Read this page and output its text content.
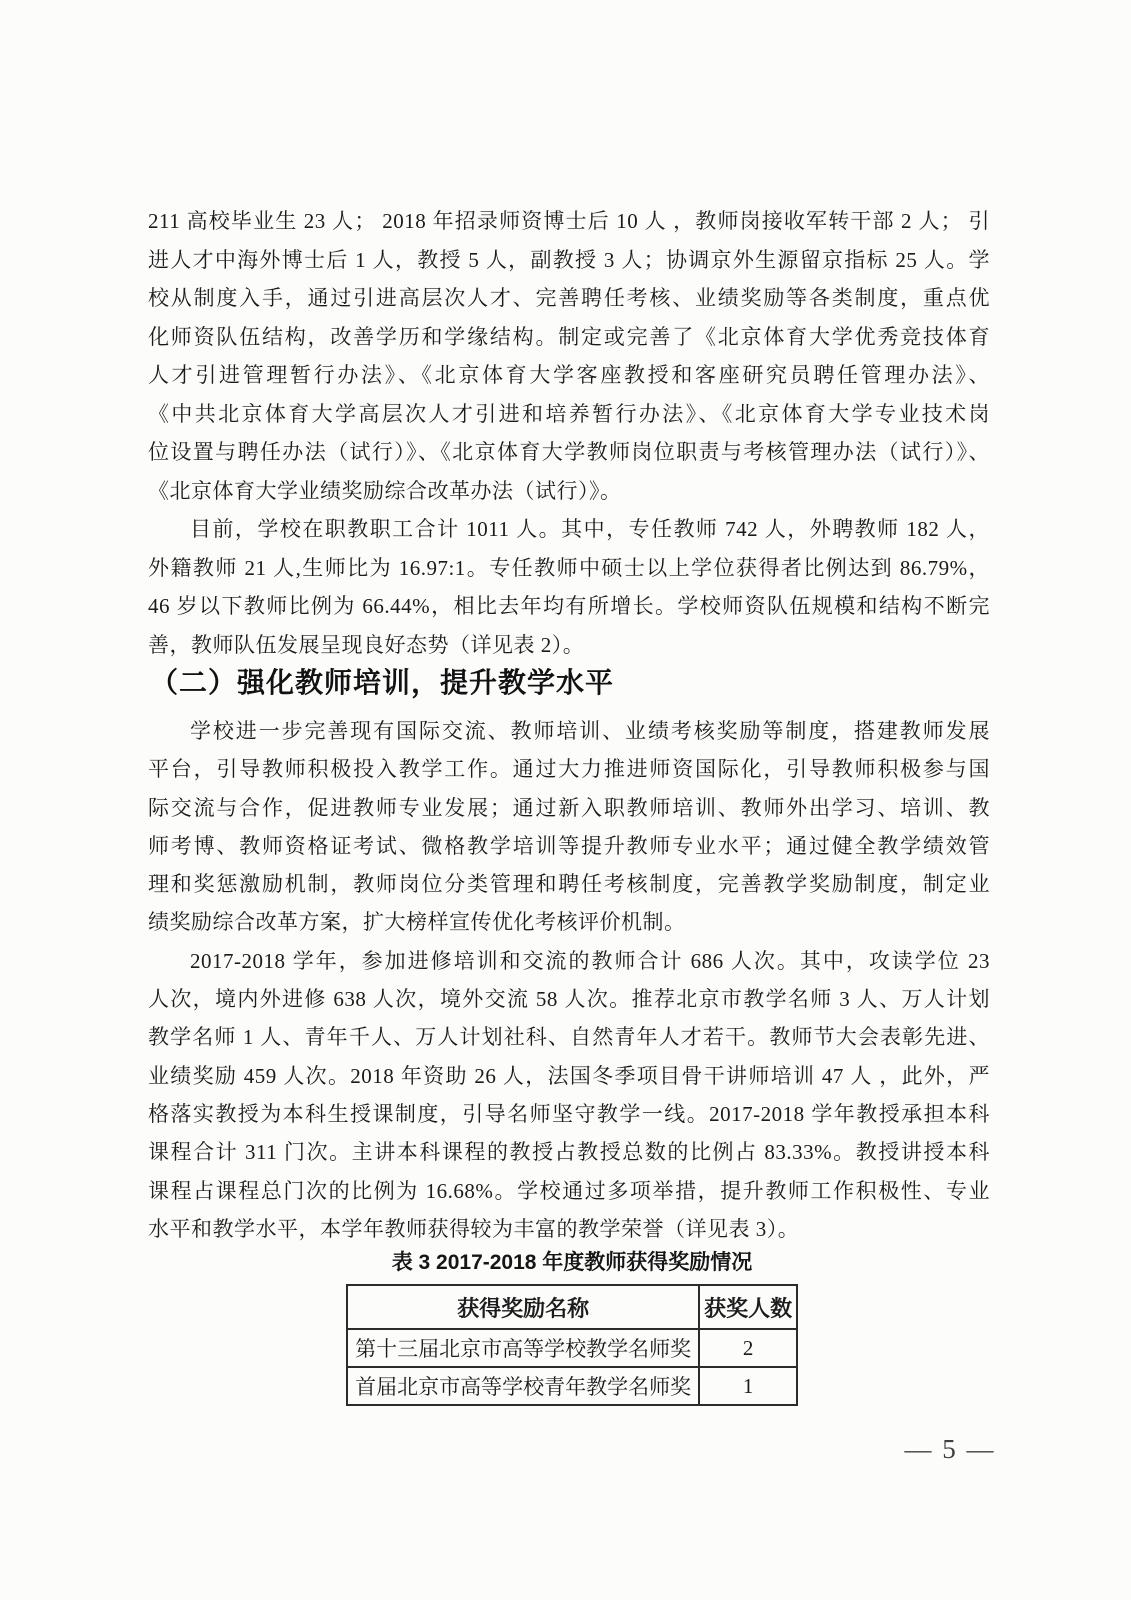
211 高校毕业生 23 人； 2018 年招录师资博士后 10 人 ，教师岗接收军转干部 2 人； 引
进人才中海外博士后 1 人，教授 5 人，副教授 3 人；协调京外生源留京指标 25 人。学
校从制度入手，通过引进高层次人才、完善聘任考核、业绩奖励等各类制度，重点优
化师资队伍结构，改善学历和学缘结构。制定或完善了《北京体育大学优秀竞技体育
人才引进管理暂行办法》、《北京体育大学客座教授和客座研究员聘任管理办法》、
《中共北京体育大学高层次人才引进和培养暂行办法》、《北京体育大学专业技术岗
位设置与聘任办法（试行）》、《北京体育大学教师岗位职责与考核管理办法（试行）》、
《北京体育大学业绩奖励综合改革办法（试行）》。
目前，学校在职教职工合计 1011 人。其中，专任教师 742 人，外聘教师 182 人，
外籍教师 21 人,生师比为 16.97:1。专任教师中硕士以上学位获得者比例达到 86.79%，
46 岁以下教师比例为 66.44%，相比去年均有所增长。学校师资队伍规模和结构不断完
善，教师队伍发展呈现良好态势（详见表 2）。
（二）强化教师培训，提升教学水平
学校进一步完善现有国际交流、教师培训、业绩考核奖励等制度，搭建教师发展
平台，引导教师积极投入教学工作。通过大力推进师资国际化，引导教师积极参与国
际交流与合作，促进教师专业发展；通过新入职教师培训、教师外出学习、培训、教
师考博、教师资格证考试、微格教学培训等提升教师专业水平；通过健全教学绩效管
理和奖惩激励机制，教师岗位分类管理和聘任考核制度，完善教学奖励制度，制定业
绩奖励综合改革方案，扩大榜样宣传优化考核评价机制。
2017-2018 学年，参加进修培训和交流的教师合计 686 人次。其中，攻读学位 23
人次，境内外进修 638 人次，境外交流 58 人次。推荐北京市教学名师 3 人、万人计划
教学名师 1 人、青年千人、万人计划社科、自然青年人才若干。教师节大会表彰先进、
业绩奖励 459 人次。2018 年资助 26 人，法国冬季项目骨干讲师培训 47 人 ，此外，严
格落实教授为本科生授课制度，引导名师坚守教学一线。2017-2018 学年教授承担本科
课程合计 311 门次。主讲本科课程的教授占教授总数的比例占 83.33%。教授讲授本科
课程占课程总门次的比例为 16.68%。学校通过多项举措，提升教师工作积极性、专业
水平和教学水平，本学年教师获得较为丰富的教学荣誉（详见表 3）。
表 3 2017-2018 年度教师获得奖励情况
获得奖励名称	获奖人数
第十三届北京市高等学校教学名师奖	2
首届北京市高等学校青年教学名师奖	1
— 5 —
